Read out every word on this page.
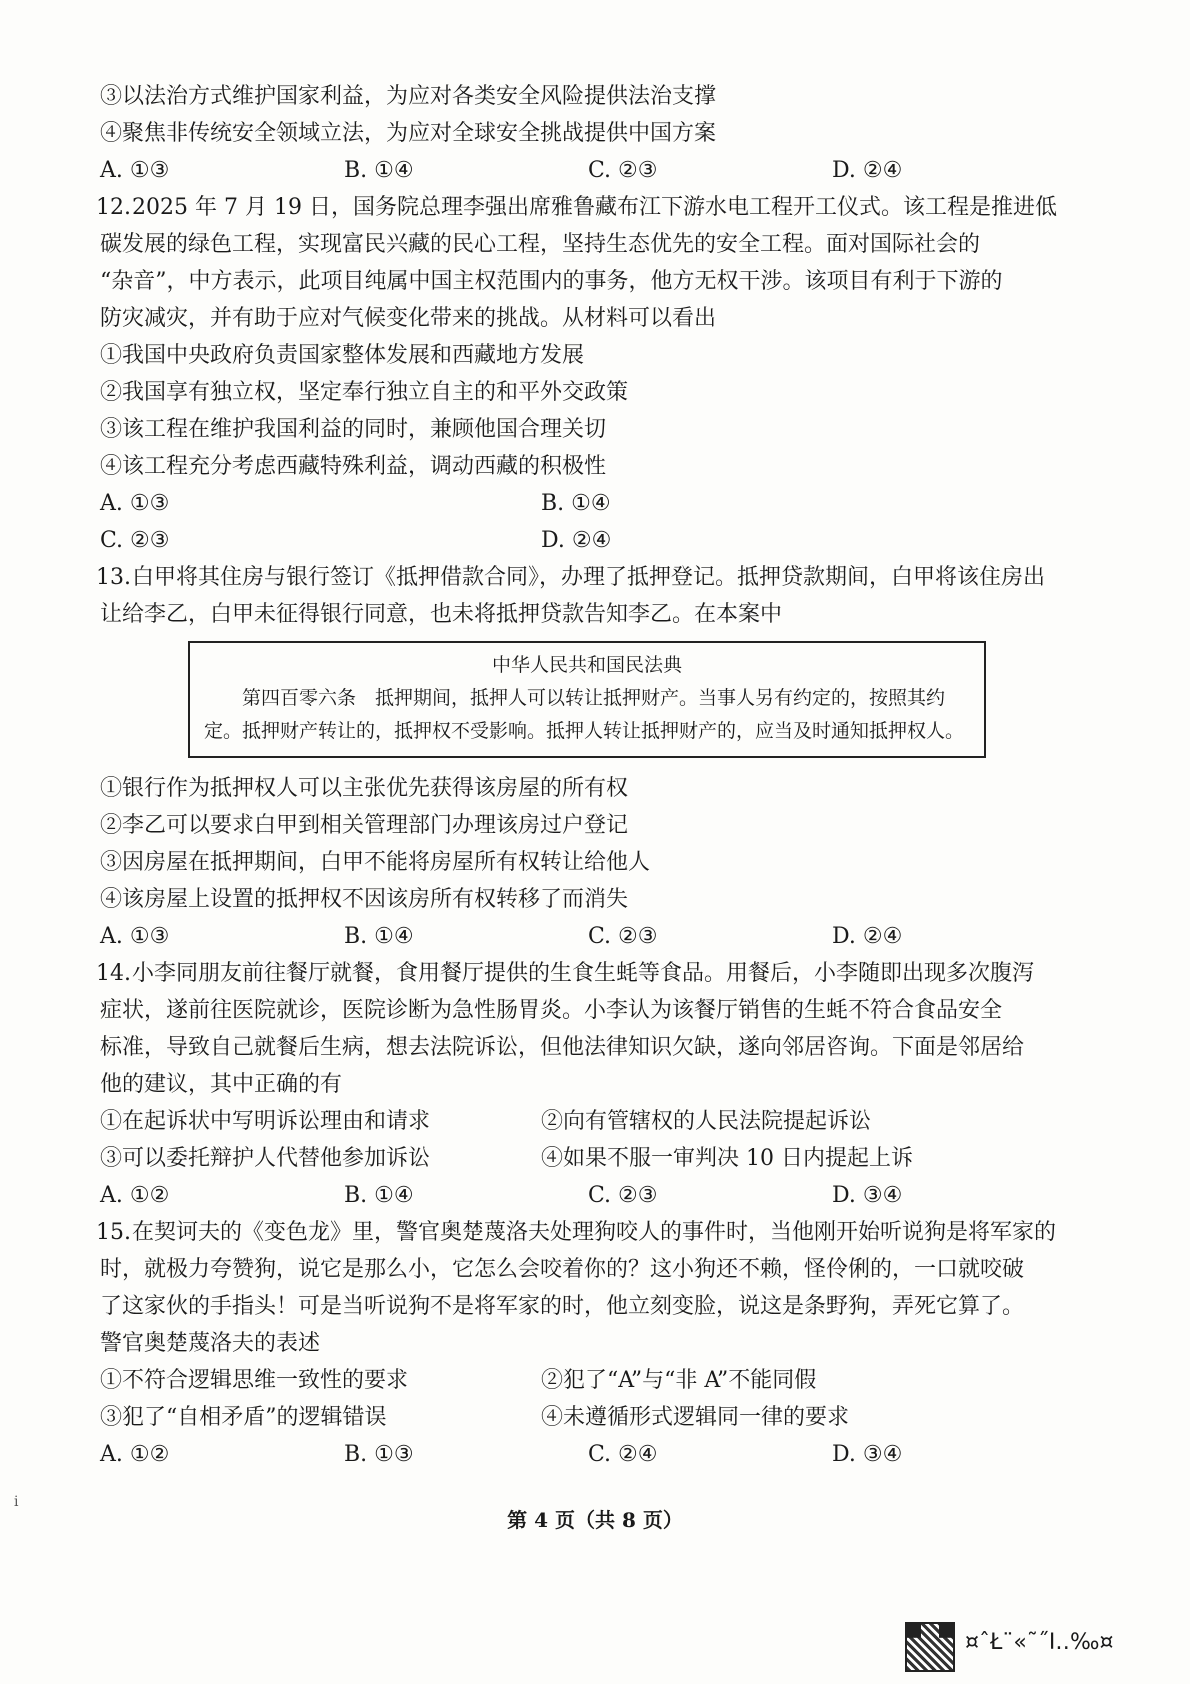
③以法治方式维护国家利益，为应对各类安全风险提供法治支撑
④聚焦非传统安全领域立法，为应对全球安全挑战提供中国方案
A. ①③	B. ①④	C. ②③	D. ②④
12. 2025 年 7 月 19 日，国务院总理李强出席雅鲁藏布江下游水电工程开工仪式。该工程是推进低
碳发展的绿色工程，实现富民兴藏的民心工程，坚持生态优先的安全工程。面对国际社会的
“杂音”，中方表示，此项目纯属中国主权范围内的事务，他方无权干涉。该项目有利于下游的
防灾减灾，并有助于应对气候变化带来的挑战。从材料可以看出
①我国中央政府负责国家整体发展和西藏地方发展
②我国享有独立权，坚定奉行独立自主的和平外交政策
③该工程在维护我国利益的同时，兼顾他国合理关切
④该工程充分考虑西藏特殊利益，调动西藏的积极性
A. ①③	B. ①④
C. ②③	D. ②④
13. 白甲将其住房与银行签订《抵押借款合同》，办理了抵押登记。抵押贷款期间，白甲将该住房出
让给李乙，白甲未征得银行同意，也未将抵押贷款告知李乙。在本案中
中华人民共和国民法典
第四百零六条　抵押期间，抵押人可以转让抵押财产。当事人另有约定的，按照其约定。抵押财产转让的，抵押权不受影响。抵押人转让抵押财产的，应当及时通知抵押权人。
①银行作为抵押权人可以主张优先获得该房屋的所有权
②李乙可以要求白甲到相关管理部门办理该房过户登记
③因房屋在抵押期间，白甲不能将房屋所有权转让给他人
④该房屋上设置的抵押权不因该房所有权转移了而消失
A. ①③	B. ①④	C. ②③	D. ②④
14. 小李同朋友前往餐厅就餐，食用餐厅提供的生食生蚝等食品。用餐后，小李随即出现多次腹泻
症状，遂前往医院就诊，医院诊断为急性肠胃炎。小李认为该餐厅销售的生蚝不符合食品安全
标准，导致自己就餐后生病，想去法院诉讼，但他法律知识欠缺，遂向邻居咨询。下面是邻居给
他的建议，其中正确的有
①在起诉状中写明诉讼理由和请求	②向有管辖权的人民法院提起诉讼
③可以委托辩护人代替他参加诉讼	④如果不服一审判决 10 日内提起上诉
A. ①②	B. ①④	C. ②③	D. ③④
15. 在契诃夫的《变色龙》里，警官奥楚蔑洛夫处理狗咬人的事件时，当他刚开始听说狗是将军家的
时，就极力夸赞狗，说它是那么小，它怎么会咬着你的？这小狗还不赖，怪伶俐的，一口就咬破
了这家伙的手指头！可是当听说狗不是将军家的时，他立刻变脸，说这是条野狗，弄死它算了。
警官奥楚蔑洛夫的表述
①不符合逻辑思维一致性的要求	②犯了“A”与“非 A”不能同假
③犯了“自相矛盾”的逻辑错误	④未遵循形式逻辑同一律的要求
A. ①②	B. ①③	C. ②④	D. ③④
ⅰ
第 4 页（共 8 页）
¤ˆŁ¨«˜˝Ι‥‰¤
